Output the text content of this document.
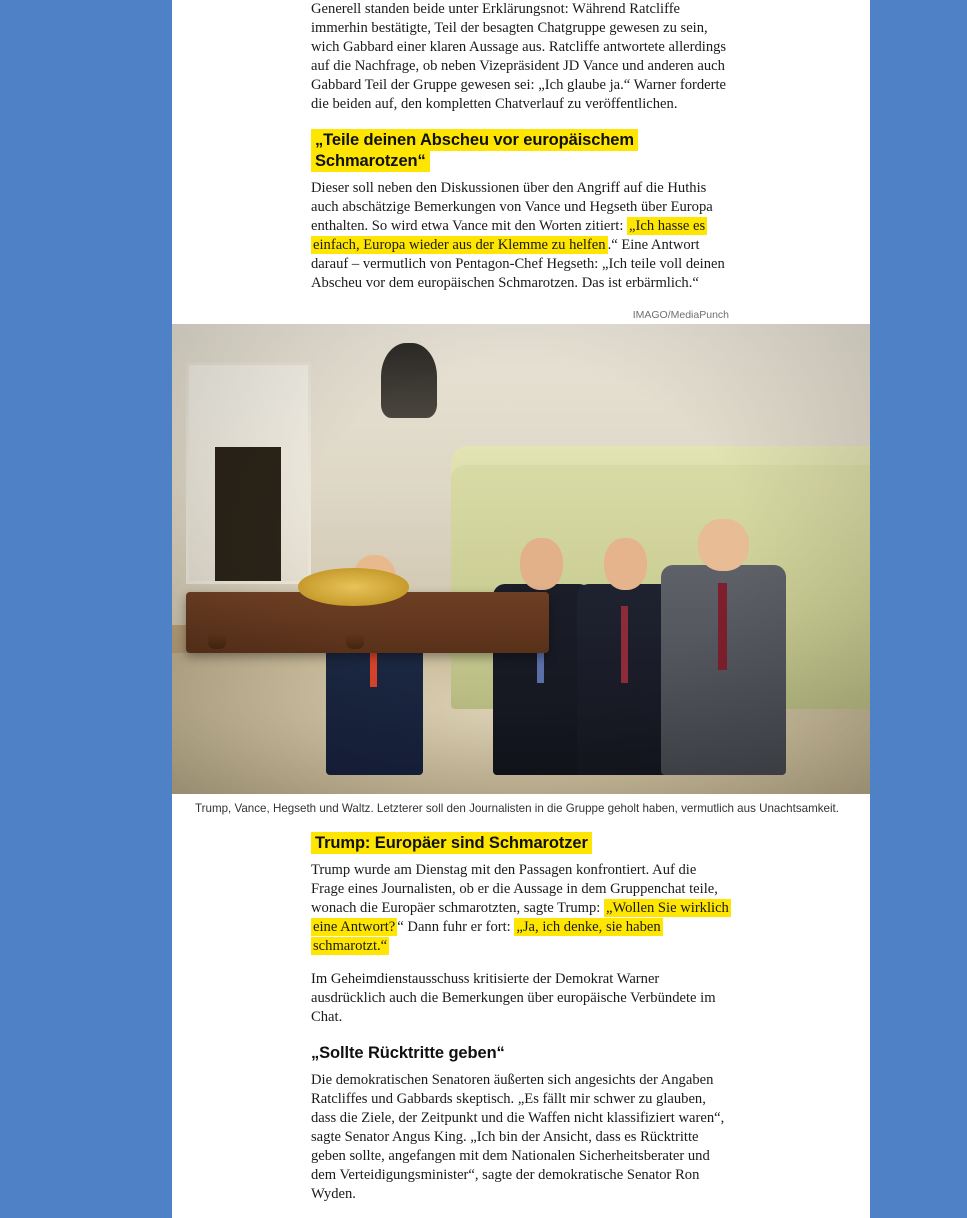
Generell standen beide unter Erklärungsnot: Während Ratcliffe immerhin bestätigte, Teil der besagten Chatgruppe gewesen zu sein, wich Gabbard einer klaren Aussage aus. Ratcliffe antwortete allerdings auf die Nachfrage, ob neben Vizepräsident JD Vance und anderen auch Gabbard Teil der Gruppe gewesen sei: „Ich glaube ja.“ Warner forderte die beiden auf, den kompletten Chatverlauf zu veröffentlichen.

„Teile deinen Abscheu vor europäischem Schmarotzen“

Dieser soll neben den Diskussionen über den Angriff auf die Huthis auch abschätzige Bemerkungen von Vance und Hegseth über Europa enthalten. So wird etwa Vance mit den Worten zitiert: „Ich hasse es einfach, Europa wieder aus der Klemme zu helfen .“ Eine Antwort darauf – vermutlich von Pentagon-Chef Hegseth: „Ich teile voll deinen Abscheu vor dem europäischen Schmarotzen. Das ist erbärmlich.“

IMAGO/MediaPunch
Trump, Vance, Hegseth und Waltz. Letzterer soll den Journalisten in die Gruppe geholt haben, vermutlich aus Unachtsamkeit.
Trump: Europäer sind Schmarotzer

Trump wurde am Dienstag mit den Passagen konfrontiert. Auf die Frage eines Journalisten, ob er die Aussage in dem Gruppenchat teile, wonach die Europäer schmarotzten, sagte Trump: „Wollen Sie wirklich eine Antwort? “ Dann fuhr er fort: „Ja, ich denke, sie haben schmarotzt.“

Im Geheimdienstausschuss kritisierte der Demokrat Warner ausdrücklich auch die Bemerkungen über europäische Verbündete im Chat.

„Sollte Rücktritte geben“

Die demokratischen Senatoren äußerten sich angesichts der Angaben Ratcliffes und Gabbards skeptisch. „Es fällt mir schwer zu glauben, dass die Ziele, der Zeitpunkt und die Waffen nicht klassifiziert waren“, sagte Senator Angus King. „Ich bin der Ansicht, dass es Rücktritte geben sollte, angefangen mit dem Nationalen Sicherheitsberater und dem Verteidigungsminister“, sagte der demokratische Senator Ron Wyden.
